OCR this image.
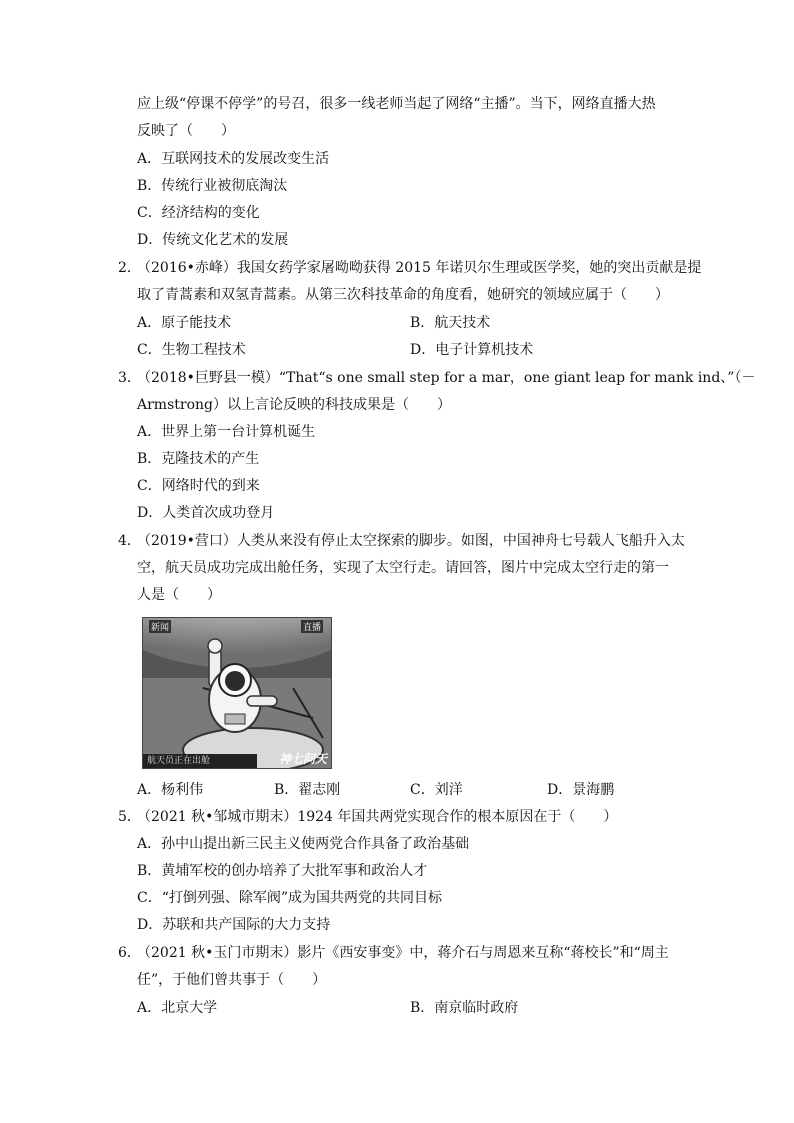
应上级“停课不停学”的号召，很多一线老师当起了网络“主播”。当下，网络直播大热
反映了（　　）
A．互联网技术的发展改变生活
B．传统行业被彻底淘汰
C．经济结构的变化
D．传统文化艺术的发展
2．
（2016•赤峰）我国女药学家屠呦呦获得 2015 年诺贝尔生理或医学奖，她的突出贡献是提
取了青蒿素和双氢青蒿素。从第三次科技革命的角度看，她研究的领域应属于（　　）
A．原子能技术	B．航天技术
C．生物工程技术	D．电子计算机技术
3．
（2018•巨野县一模）“That“s one small step for a mar，one giant leap for mank ind、”（－
Armstrong）以上言论反映的科技成果是（　　）
A．世界上第一台计算机诞生
B．克隆技术的产生
C．网络时代的到来
D．人类首次成功登月
4．
（2019•营口）人类从来没有停止太空探索的脚步。如图，中国神舟七号载人飞船升入太
空，航天员成功完成出舱任务，实现了太空行走。请回答，图片中完成太空行走的第一
人是（　　）
新闻	直播
航天员正在出舱	神七问天
A．杨利伟	B．翟志刚	C．刘洋	D．景海鹏
5．
（2021 秋•邹城市期末）1924 年国共两党实现合作的根本原因在于（　　）
A．孙中山提出新三民主义使两党合作具备了政治基础
B．黄埔军校的创办培养了大批军事和政治人才
C．“打倒列强、除军阀”成为国共两党的共同目标
D．苏联和共产国际的大力支持
6．
（2021 秋•玉门市期末）影片《西安事变》中，蒋介石与周恩来互称“蒋校长”和“周主
任”，于他们曾共事于（　　）
A．北京大学	B．南京临时政府
